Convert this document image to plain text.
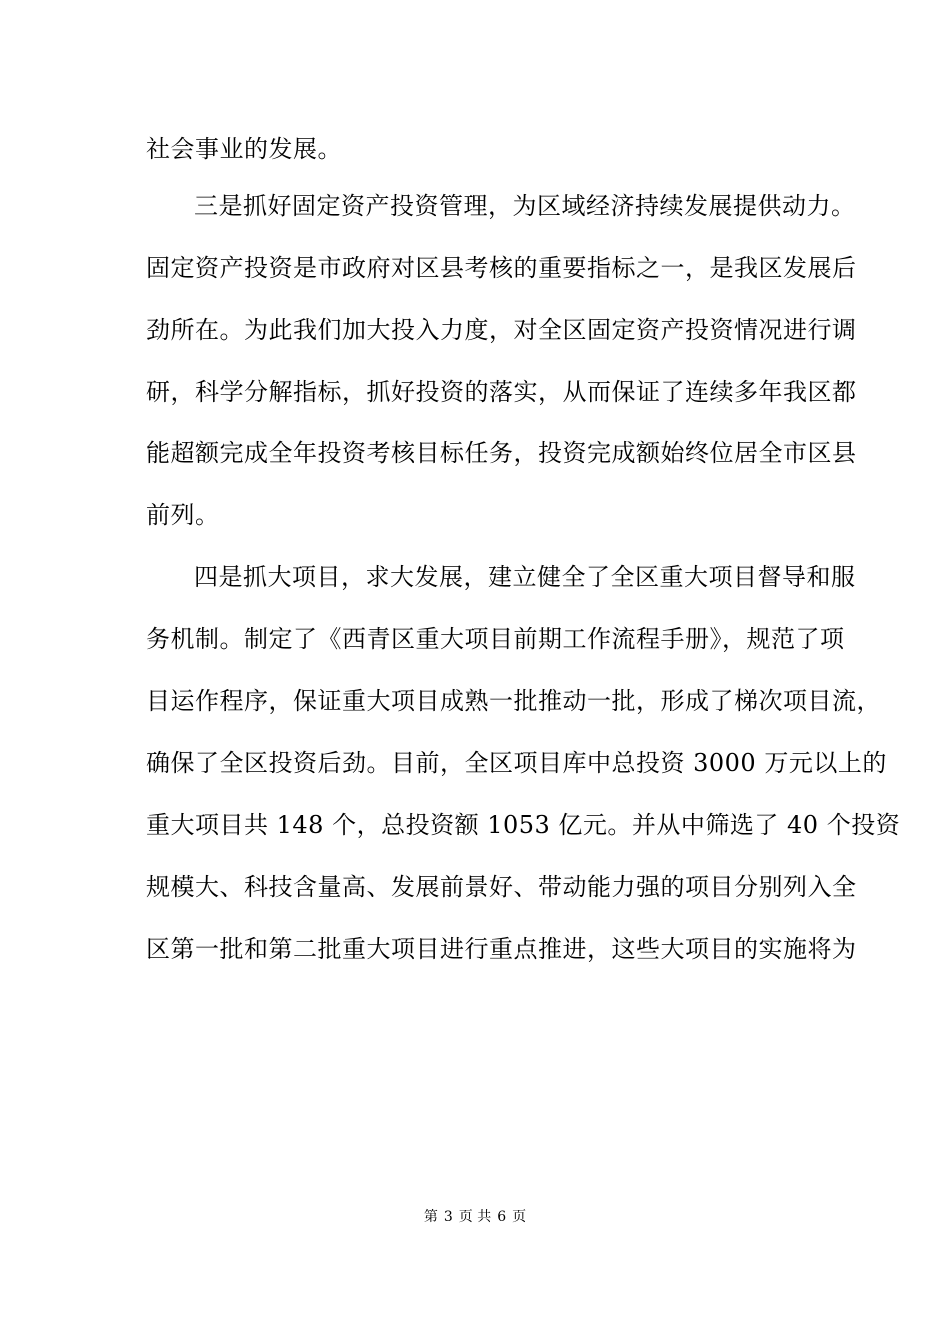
社会事业的发展。
三是抓好固定资产投资管理，为区域经济持续发展提供动力。
固定资产投资是市政府对区县考核的重要指标之一，是我区发展后
劲所在。为此我们加大投入力度，对全区固定资产投资情况进行调
研，科学分解指标，抓好投资的落实，从而保证了连续多年我区都
能超额完成全年投资考核目标任务，投资完成额始终位居全市区县
前列。
四是抓大项目，求大发展，建立健全了全区重大项目督导和服
务机制。制定了《西青区重大项目前期工作流程手册》，规范了项
目运作程序，保证重大项目成熟一批推动一批，形成了梯次项目流，
确保了全区投资后劲。目前，全区项目库中总投资 3000 万元以上的
重大项目共 148 个，总投资额 1053 亿元。并从中筛选了 40 个投资
规模大、科技含量高、发展前景好、带动能力强的项目分别列入全
区第一批和第二批重大项目进行重点推进，这些大项目的实施将为
第 3 页 共 6 页
